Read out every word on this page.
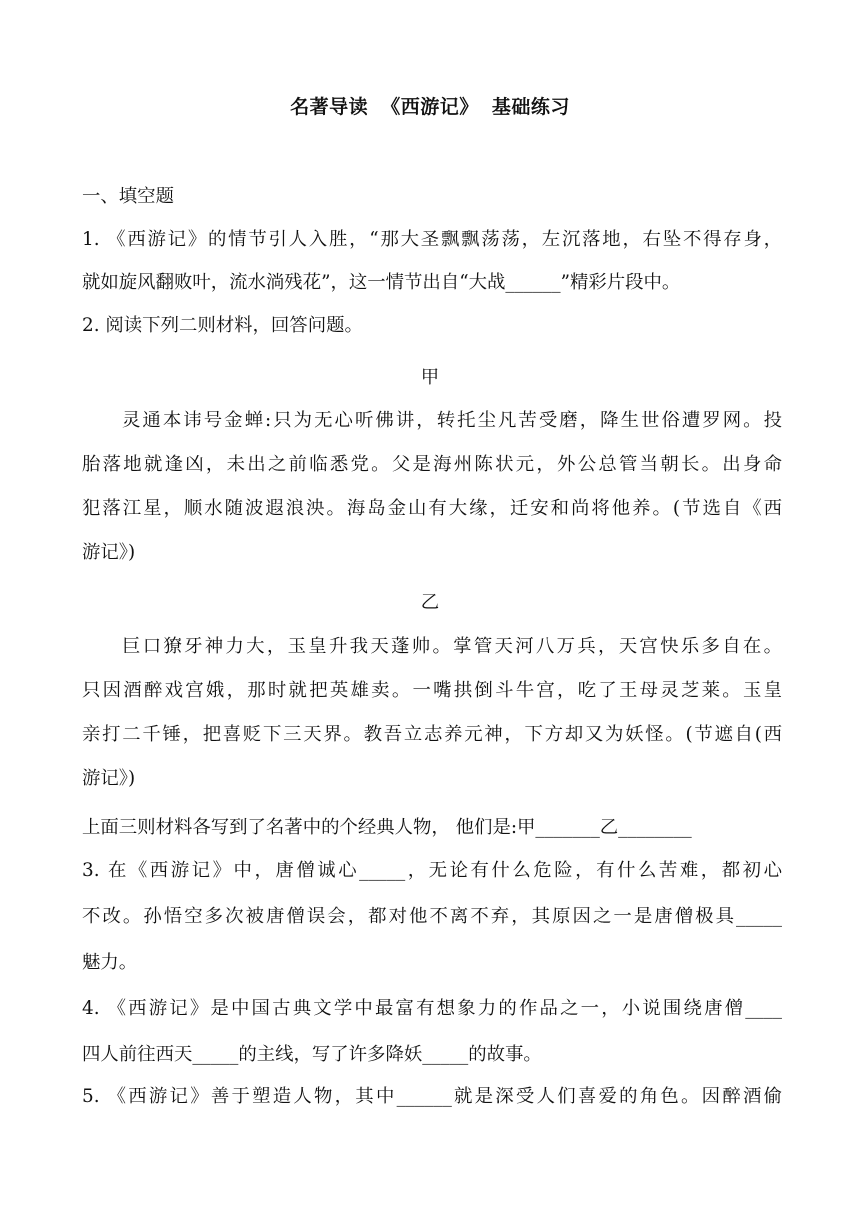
名著导读 《西游记》 基础练习
一、填空题
1. 《西游记》的情节引人入胜，“那大圣飘飘荡荡，左沉落地，右坠不得存身，
就如旋风翻败叶，流水淌残花”，这一情节出自“大战______”精彩片段中。
2. 阅读下列二则材料，回答问题。
甲
灵通本讳号金蝉:只为无心听佛讲，转托尘凡苦受磨，降生世俗遭罗网。投
胎落地就逢凶，未出之前临悉党。父是海州陈状元，外公总管当朝长。出身命
犯落江星，顺水随波遐浪泱。海岛金山有大缘，迁安和尚将他养。(节选自《西
游记》)
乙
巨口獠牙神力大，玉皇升我天蓬帅。掌管天河八万兵，天宫快乐多自在。
只因酒醉戏宫娥，那时就把英雄卖。一嘴拱倒斗牛宫，吃了王母灵芝莱。玉皇
亲打二千锤，把喜贬下三天界。教吾立志养元神，下方却又为妖怪。(节遮自(西
游记》)
上面三则材料各写到了名著中的个经典人物， 他们是:甲_______乙________
3. 在《西游记》中，唐僧诚心_____，无论有什么危险，有什么苦难，都初心
不改。孙悟空多次被唐僧误会，都对他不离不弃，其原因之一是唐僧极具_____
魅力。
4. 《西游记》是中国古典文学中最富有想象力的作品之一，小说围绕唐僧____
四人前往西天_____的主线，写了许多降妖_____的故事。
5. 《西游记》善于塑造人物，其中______就是深受人们喜爱的角色。因醉酒偷
